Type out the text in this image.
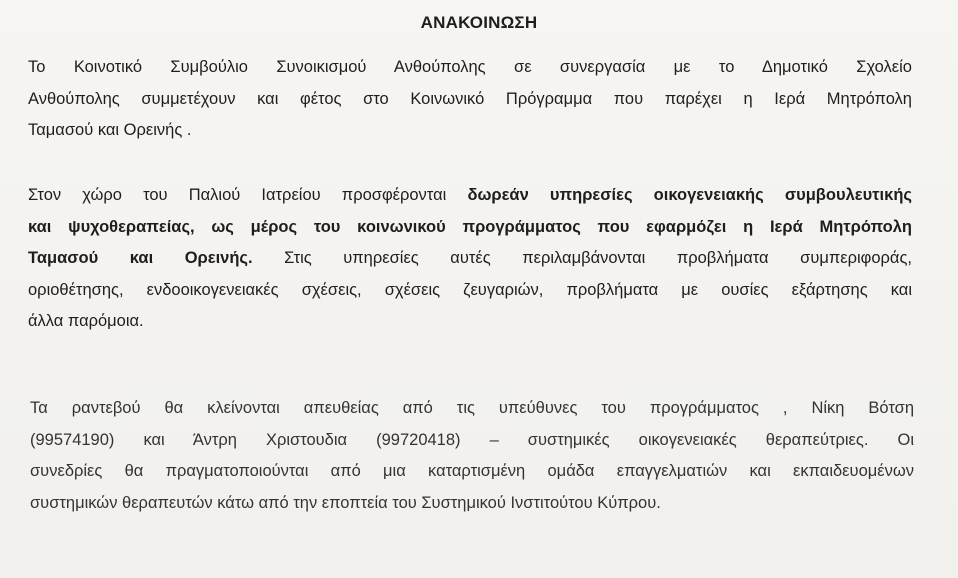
ΑΝΑΚΟΙΝΩΣΗ
Το Κοινοτικό Συμβούλιο Συνοικισμού Ανθούπολης σε συνεργασία με το Δημοτικό Σχολείο
Ανθούπολης συμμετέχουν και φέτος στο Κοινωνικό Πρόγραμμα που παρέχει η Ιερά Μητρόπολη
Ταμασού και Ορεινής .
Στον χώρο του Παλιού Ιατρείου προσφέρονται δωρεάν υπηρεσίες οικογενειακής συμβουλευτικής
και ψυχοθεραπείας, ως μέρος του κοινωνικού προγράμματος που εφαρμόζει η Ιερά Μητρόπολη
Ταμασού και Ορεινής. Στις υπηρεσίες αυτές περιλαμβάνονται προβλήματα συμπεριφοράς,
οριοθέτησης, ενδοοικογενειακές σχέσεις, σχέσεις ζευγαριών, προβλήματα με ουσίες εξάρτησης και
άλλα παρόμοια.
Τα ραντεβού θα κλείνονται απευθείας από τις υπεύθυνες του προγράμματος , Νίκη Βότση
(99574190) και Άντρη Χριστουδια (99720418) – συστημικές οικογενειακές θεραπεύτριες. Οι
συνεδρίες θα πραγματοποιούνται από μια καταρτισμένη ομάδα επαγγελματιών και εκπαιδευομένων
συστημικών θεραπευτών κάτω από την εποπτεία του Συστημικού Ινστιτούτου Κύπρου.
